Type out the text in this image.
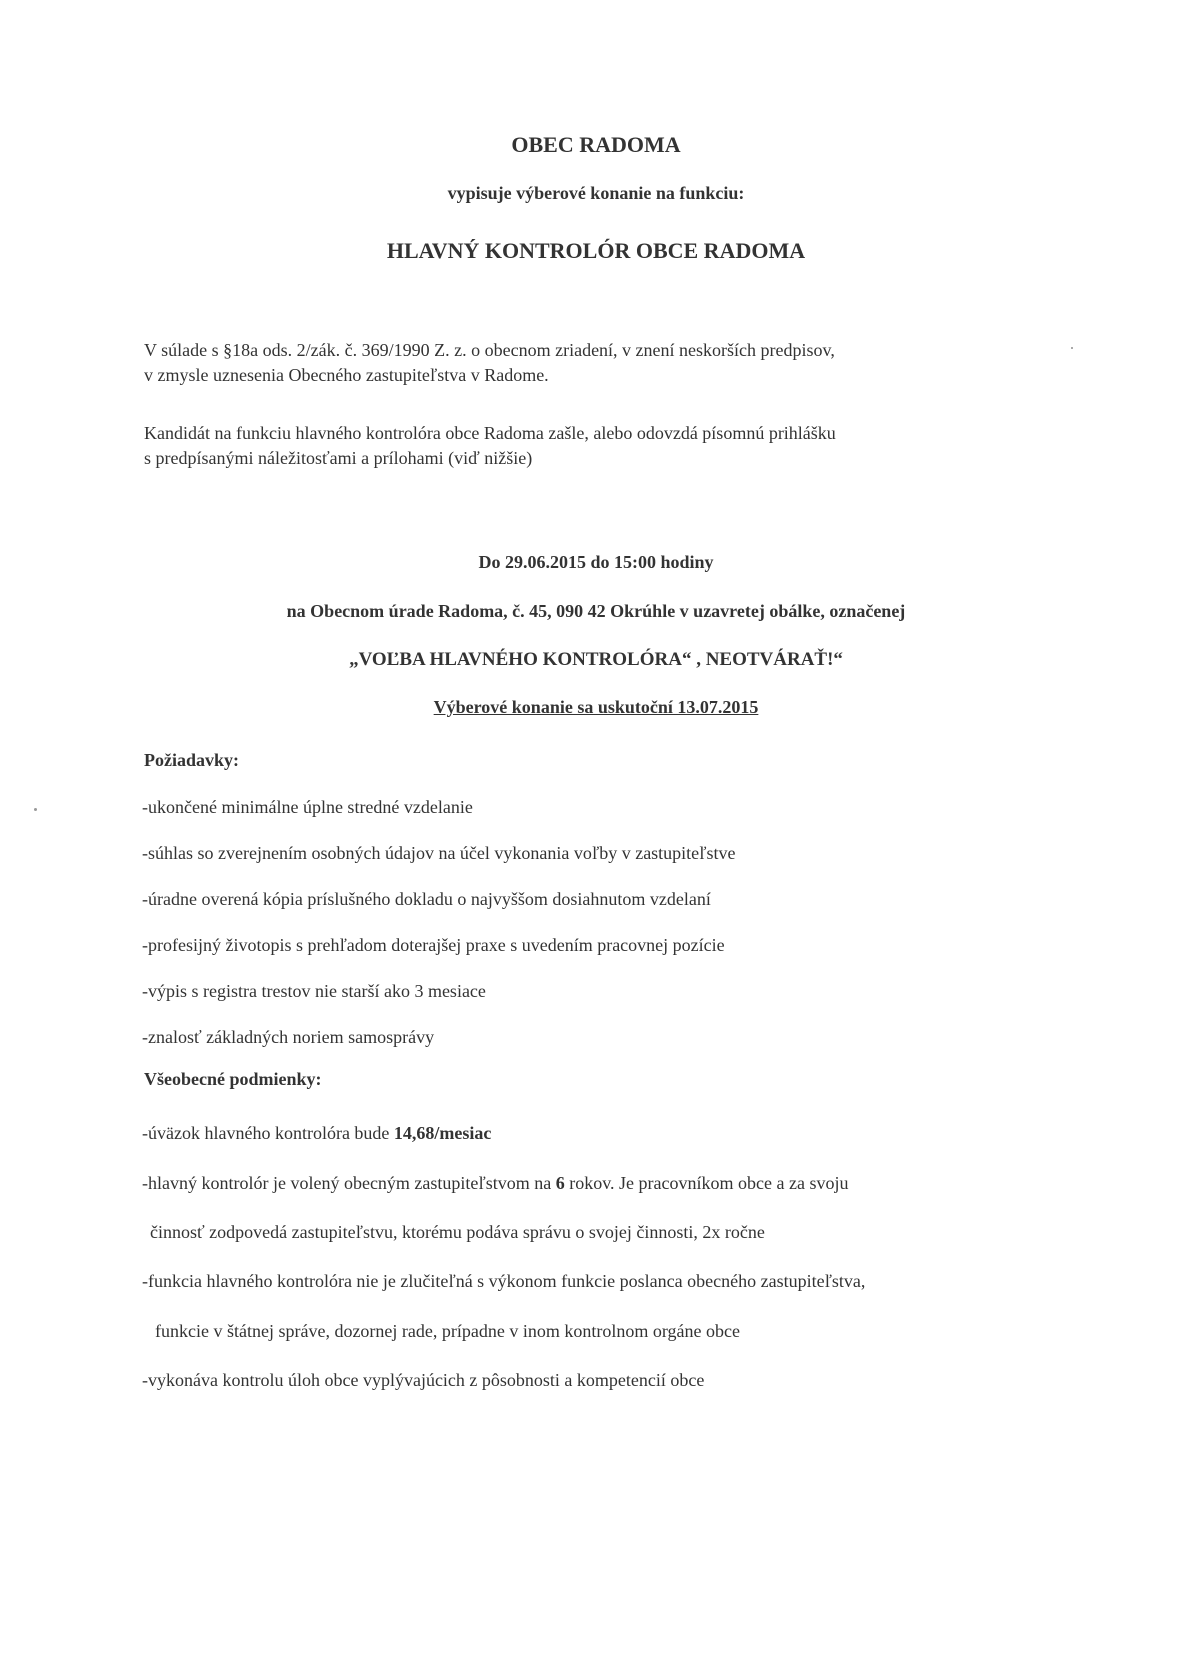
OBEC RADOMA
vypisuje výberové konanie na funkciu:
HLAVNÝ KONTROLÓR OBCE RADOMA
V súlade s §18a ods. 2/zák. č. 369/1990 Z. z. o obecnom zriadení, v znení neskorších predpisov,
v zmysle uznesenia Obecného zastupiteľstva v Radome.
Kandidát na funkciu hlavného kontrolóra obce Radoma zašle, alebo odovzdá písomnú prihlášku
s predpísanými náležitosťami a prílohami (viď nižšie)
Do 29.06.2015 do 15:00 hodiny
na Obecnom úrade Radoma, č. 45, 090 42 Okrúhle v uzavretej obálke, označenej
„VOĽBA HLAVNÉHO KONTROLÓRA“ , NEOTVÁRAŤ!“
Výberové konanie sa uskutoční 13.07.2015
Požiadavky:
-ukončené minimálne úplne stredné vzdelanie
-súhlas so zverejnením osobných údajov na účel vykonania voľby v zastupiteľstve
-úradne overená kópia príslušného dokladu o najvyššom dosiahnutom vzdelaní
-profesijný životopis s prehľadom doterajšej praxe s uvedením pracovnej pozície
-výpis s registra trestov nie starší ako 3 mesiace
-znalosť základných noriem samosprávy
Všeobecné podmienky:
-úväzok hlavného kontrolóra bude 14,68/mesiac
-hlavný kontrolór je volený obecným zastupiteľstvom na 6 rokov. Je pracovníkom obce a za svoju
činnosť zodpovedá zastupiteľstvu, ktorému podáva správu o svojej činnosti, 2x ročne
-funkcia hlavného kontrolóra nie je zlučiteľná s výkonom funkcie poslanca obecného zastupiteľstva,
funkcie v štátnej správe, dozornej rade, prípadne v inom kontrolnom orgáne obce
-vykonáva kontrolu úloh obce vyplývajúcich z pôsobnosti a kompetencií obce
